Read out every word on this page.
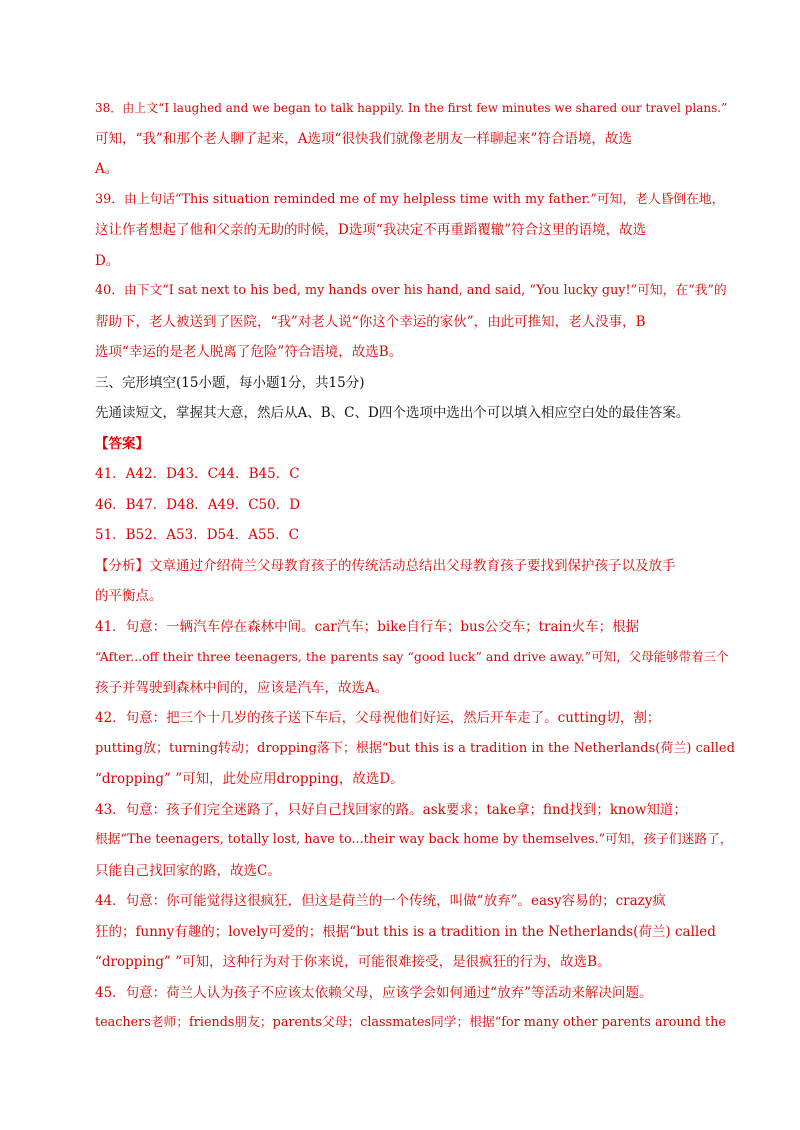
38．由上文“I laughed and we began to talk happily. In the first few minutes we shared our travel plans.”
可知，“我”和那个老人聊了起来，A选项“很快我们就像老朋友一样聊起来”符合语境，故选
A。
39．由上句话“This situation reminded me of my helpless time with my father.”可知，老人昏倒在地，
这让作者想起了他和父亲的无助的时候，D选项“我决定不再重蹈覆辙”符合这里的语境，故选
D。
40．由下文“I sat next to his bed, my hands over his hand, and said, “You lucky guy!”可知，在“我”的
帮助下，老人被送到了医院，“我”对老人说“你这个幸运的家伙”，由此可推知，老人没事，B
选项“幸运的是老人脱离了危险”符合语境，故选B。
三、完形填空(15小题，每小题1分，共15分)
先通读短文，掌握其大意，然后从A、B、C、D四个选项中选出个可以填入相应空白处的最佳答案。
【答案】
41．A42．D43．C44．B45．C
46．B47．D48．A49．C50．D
51．B52．A53．D54．A55．C
【分析】文章通过介绍荷兰父母教育孩子的传统活动总结出父母教育孩子要找到保护孩子以及放手
的平衡点。
41．句意：一辆汽车停在森林中间。car汽车；bike自行车；bus公交车；train火车；根据
“After...off their three teenagers, the parents say “good luck” and drive away.”可知，父母能够带着三个
孩子并驾驶到森林中间的，应该是汽车，故选A。
42．句意：把三个十几岁的孩子送下车后，父母祝他们好运，然后开车走了。cutting切，割；
putting放；turning转动；dropping落下；根据“but this is a tradition in the Netherlands(荷兰) called
“dropping” ”可知，此处应用dropping，故选D。
43．句意：孩子们完全迷路了，只好自己找回家的路。ask要求；take拿；find找到；know知道；
根据“The teenagers, totally lost, have to...their way back home by themselves.”可知，孩子们迷路了，
只能自己找回家的路，故选C。
44．句意：你可能觉得这很疯狂，但这是荷兰的一个传统，叫做“放弃”。easy容易的；crazy疯
狂的；funny有趣的；lovely可爱的；根据“but this is a tradition in the Netherlands(荷兰) called
“dropping” ”可知，这种行为对于你来说，可能很难接受，是很疯狂的行为，故选B。
45．句意：荷兰人认为孩子不应该太依赖父母，应该学会如何通过“放弃”等活动来解决问题。
teachers老师；friends朋友；parents父母；classmates同学；根据“for many other parents around the
